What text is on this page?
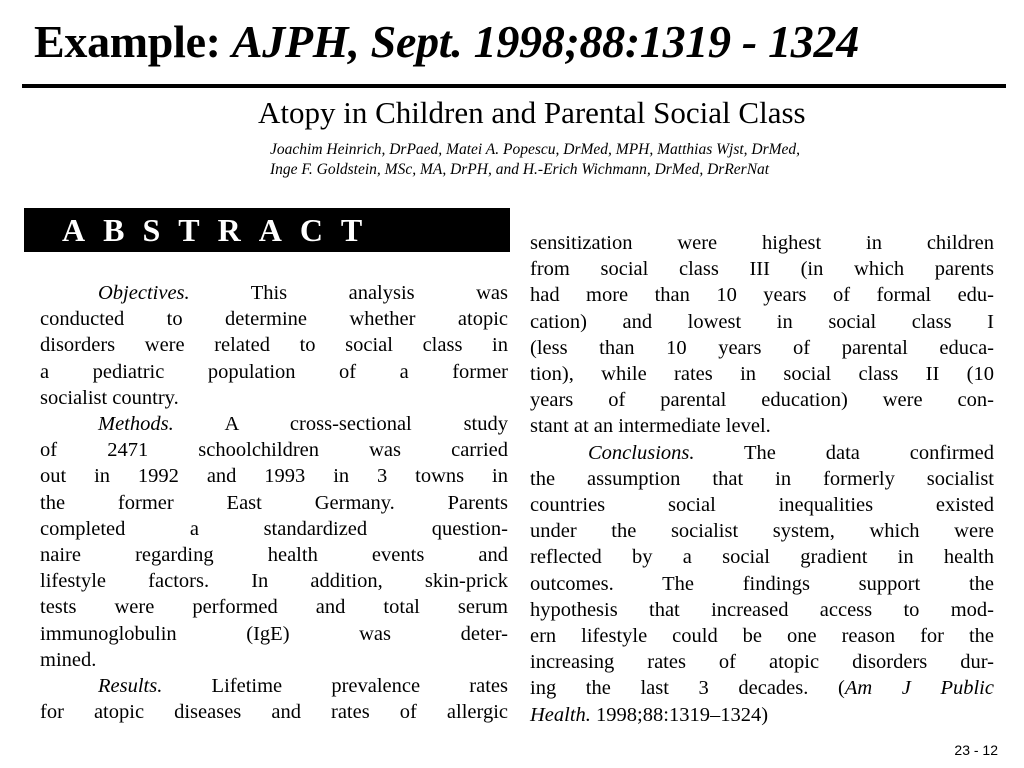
Example: AJPH, Sept. 1998;88:1319 - 1324
Atopy in Children and Parental Social Class
Joachim Heinrich, DrPaed, Matei A. Popescu, DrMed, MPH, Matthias Wjst, DrMed,
Inge F. Goldstein, MSc, MA, DrPH, and H.-Erich Wichmann, DrMed, DrRerNat
ABSTRACT
Objectives.	This analysis was
conducted to determine whether atopic
disorders were related to social class in
a pediatric population of a former
socialist country.
Methods. A cross-sectional study
of 2471 schoolchildren was carried
out in 1992 and 1993 in 3 towns in
the former East Germany. Parents
completed a standardized question-
naire regarding health events and
lifestyle factors. In addition, skin-prick
tests were performed and total serum
immunoglobulin (IgE) was deter-
mined.
Results. Lifetime prevalence rates
for atopic diseases and rates of allergic
sensitization were highest in children
from social class III (in which parents
had more than 10 years of formal edu-
cation) and lowest in social class I
(less than 10 years of parental educa-
tion), while rates in social class II (10
years of parental education) were con-
stant at an intermediate level.
Conclusions. The data confirmed
the assumption that in formerly socialist
countries social inequalities existed
under the socialist system, which were
reflected by a social gradient in health
outcomes. The findings support the
hypothesis that increased access to mod-
ern lifestyle could be one reason for the
increasing rates of atopic disorders dur-
ing the last 3 decades. (Am J Public
Health. 1998;88:1319–1324)
23 - 12
